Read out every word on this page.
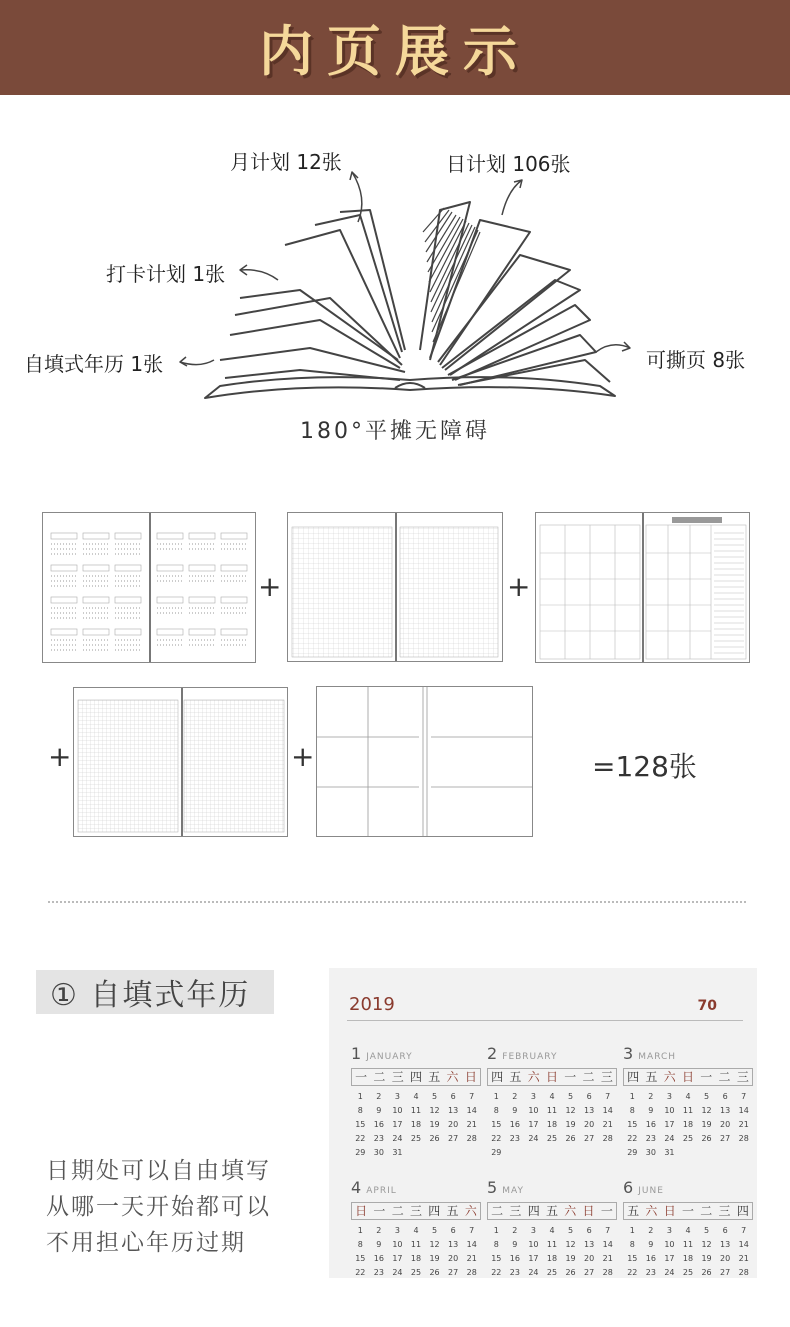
内页展示
月计划 12张	日计划 106张
打卡计划 1张
自填式年历 1张	可撕页 8张
180°平摊无障碍
+	+
+	+	=128张
① 自填式年历
日期处可以自由填写
从哪一天开始都可以
不用担心年历过期
2019	70
1 JANUARY
一 二 三 四 五 六 日
1	2	3	4	5	6	7
8	9	10	11	12	13	14
15	16	17	18	19	20	21
22	23	24	25	26	27	28
29	30	31
2 FEBRUARY
四 五 六 日 一 二 三
1	2	3	4	5	6	7
8	9	10	11	12	13	14
15	16	17	18	19	20	21
22	23	24	25	26	27	28
29
3 MARCH
四 五 六 日 一 二 三
1	2	3	4	5	6	7
8	9	10	11	12	13	14
15	16	17	18	19	20	21
22	23	24	25	26	27	28
29	30	31
4 APRIL
日 一 二 三 四 五 六
1	2	3	4	5	6	7
8	9	10	11	12	13	14
15	16	17	18	19	20	21
22	23	24	25	26	27	28
5 MAY
二 三 四 五 六 日 一
1	2	3	4	5	6	7
8	9	10	11	12	13	14
15	16	17	18	19	20	21
22	23	24	25	26	27	28
6 JUNE
五 六 日 一 二 三 四
1	2	3	4	5	6	7
8	9	10	11	12	13	14
15	16	17	18	19	20	21
22	23	24	25	26	27	28
